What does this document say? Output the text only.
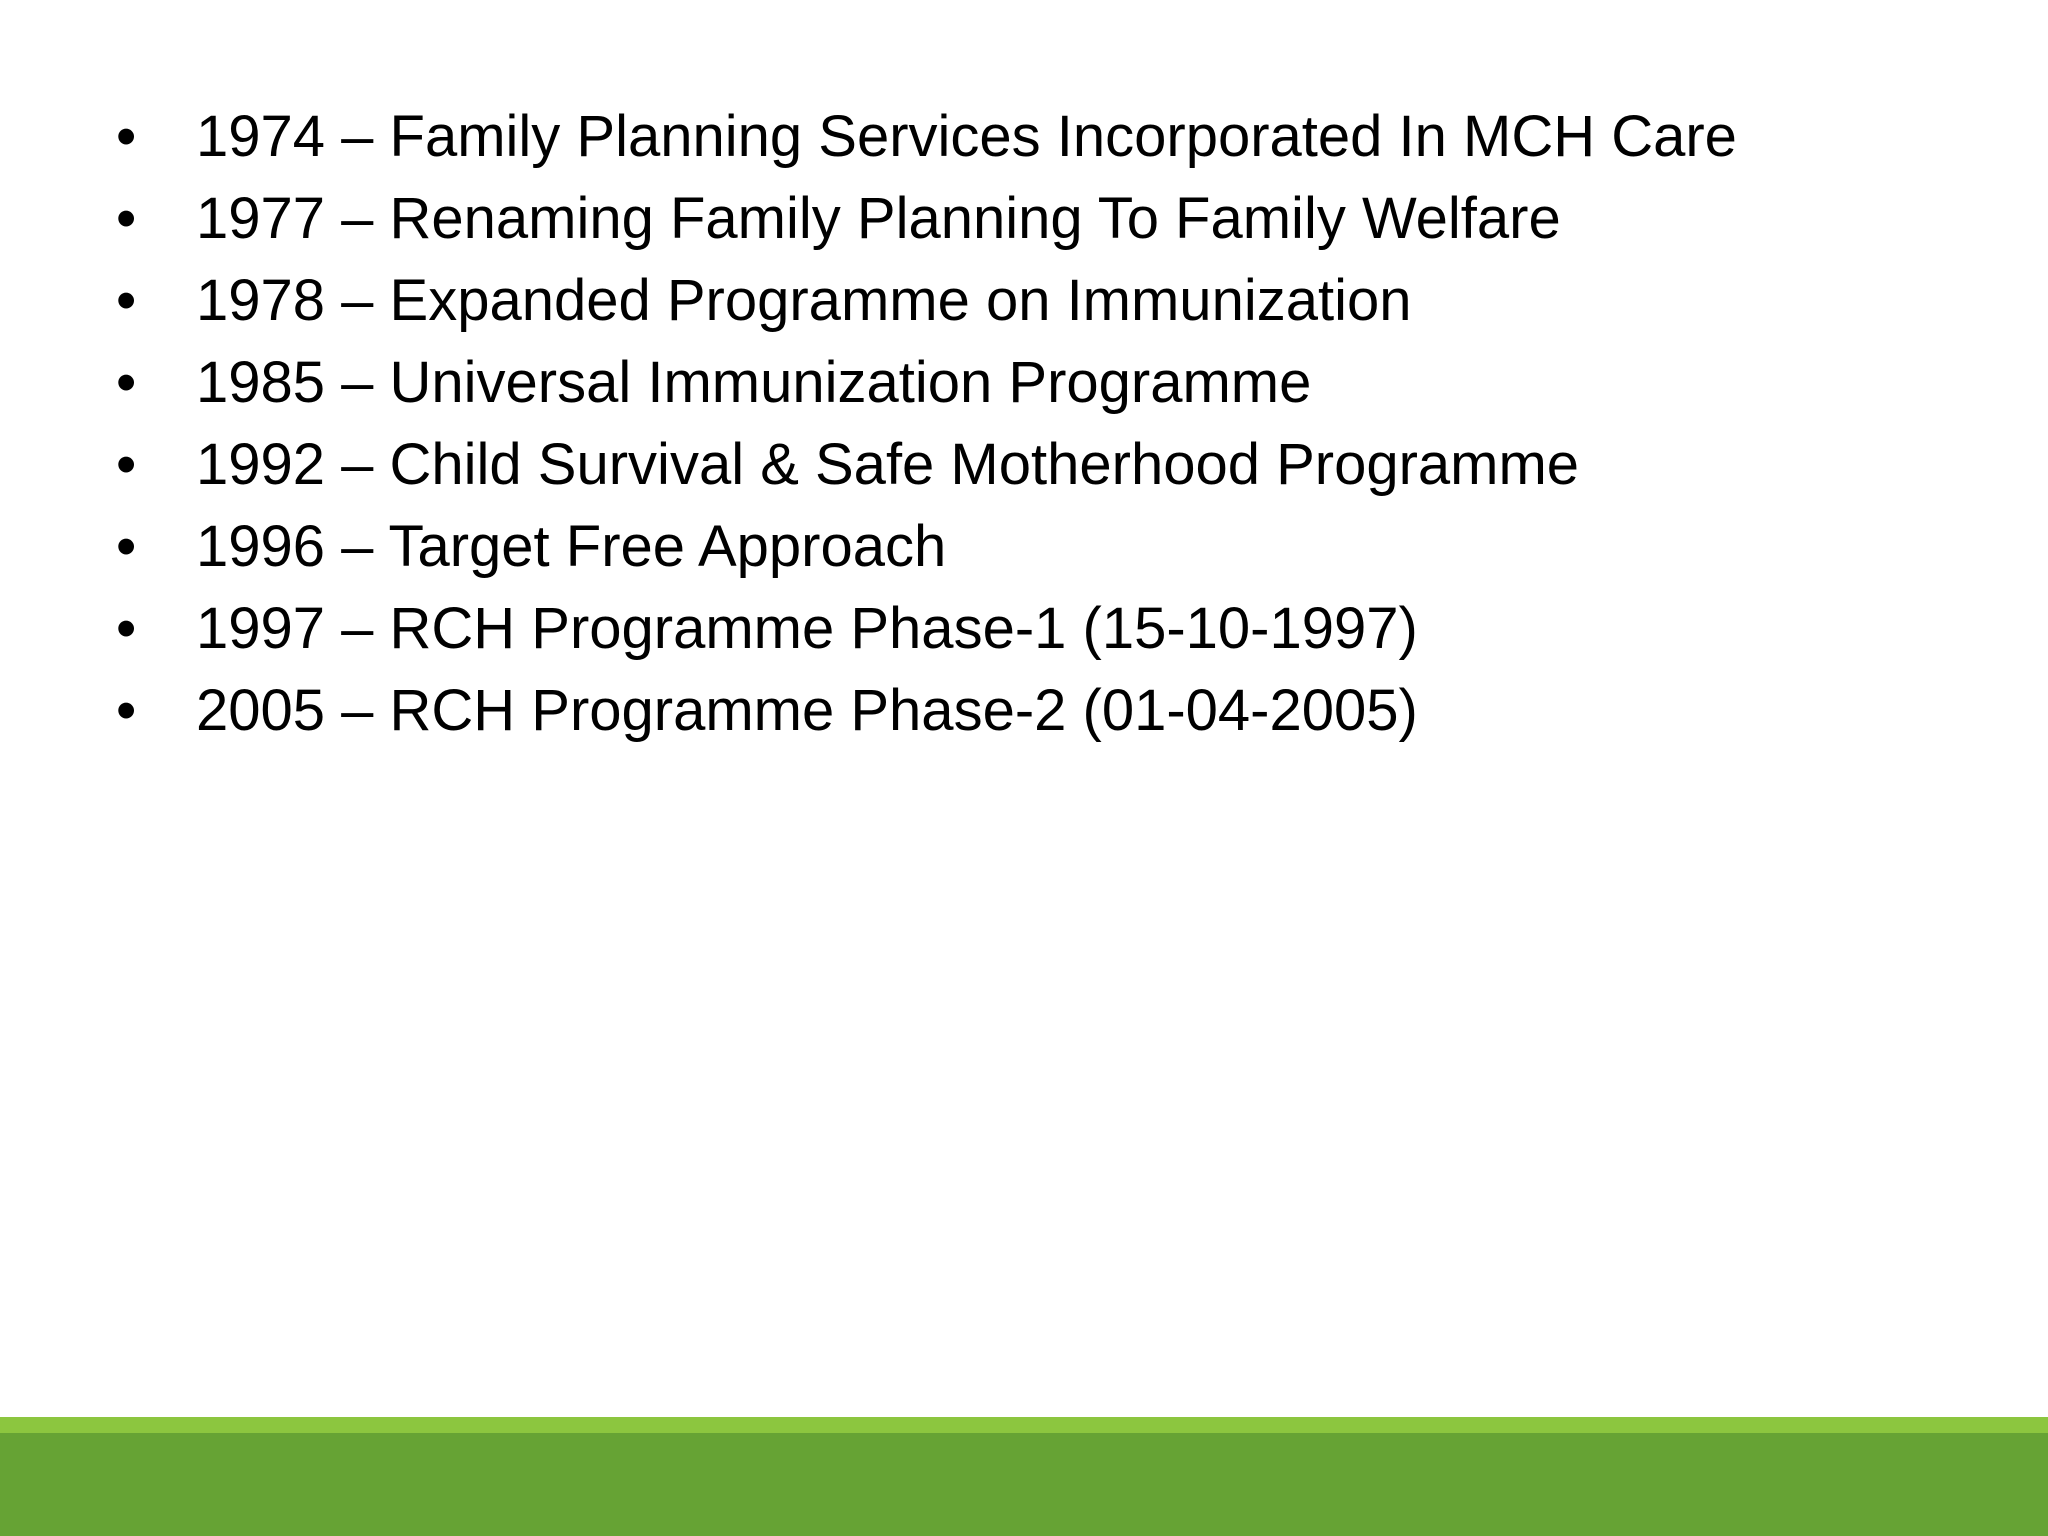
•	1974 – Family Planning Services Incorporated In MCH Care
•	1977 – Renaming Family Planning To Family Welfare
•	1978 – Expanded Programme on Immunization
•	1985 – Universal Immunization Programme
•	1992 – Child Survival & Safe Motherhood Programme
•	1996 – Target Free Approach
•	1997 – RCH Programme Phase-1 (15-10-1997)
•	2005 – RCH Programme Phase-2 (01-04-2005)
